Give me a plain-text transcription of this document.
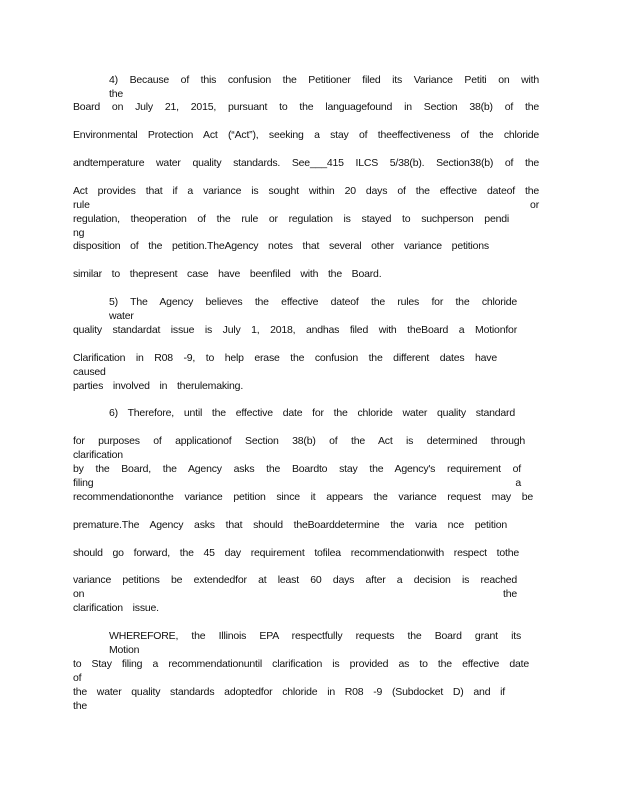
4) Because of this confusion the Petitioner filed its Variance Petiti on with the
Board on July 21, 2015, pursuant to the languagefound in Section 38(b) of the
Environmental Protection Act (“Act”), seeking a stay of theeffectiveness of the chloride
andtemperature water quality standards. See___415 ILCS 5/38(b). Section38(b) of the
Act provides that if a variance is sought within 20 days of the effective dateof the rule or
regulation, theoperation of the rule or regulation is stayed to suchperson pendi ng
disposition of the petition.TheAgency notes that several other variance petitions
similar to thepresent case have beenfiled with the Board.
5) The Agency believes the effective dateof the rules for the chloride water
quality standardat issue is July 1, 2018, andhas filed with theBoard a Motionfor
Clarification in R08 -9, to help erase the confusion the different dates have caused
parties involved in therulemaking.
6) Therefore, until the effective date for the chloride water quality standard
for purposes of applicationof Section 38(b) of the Act is determined through clarification
by the Board, the Agency asks the Boardto stay the Agency's requirement of filing a
recommendationonthe variance petition since it appears the variance request may be
premature.The Agency asks that should theBoarddetermine the varia nce petition
should go forward, the 45 day requirement tofilea recommendationwith respect tothe
variance petitions be extendedfor at least 60 days after a decision is reached on the
clarification issue.
WHEREFORE, the Illinois EPA respectfully requests the Board grant its Motion
to Stay filing a recommendationuntil clarification is provided as to the effective date of
the water quality standards adoptedfor chloride in R08 -9 (Subdocket D) and if the
